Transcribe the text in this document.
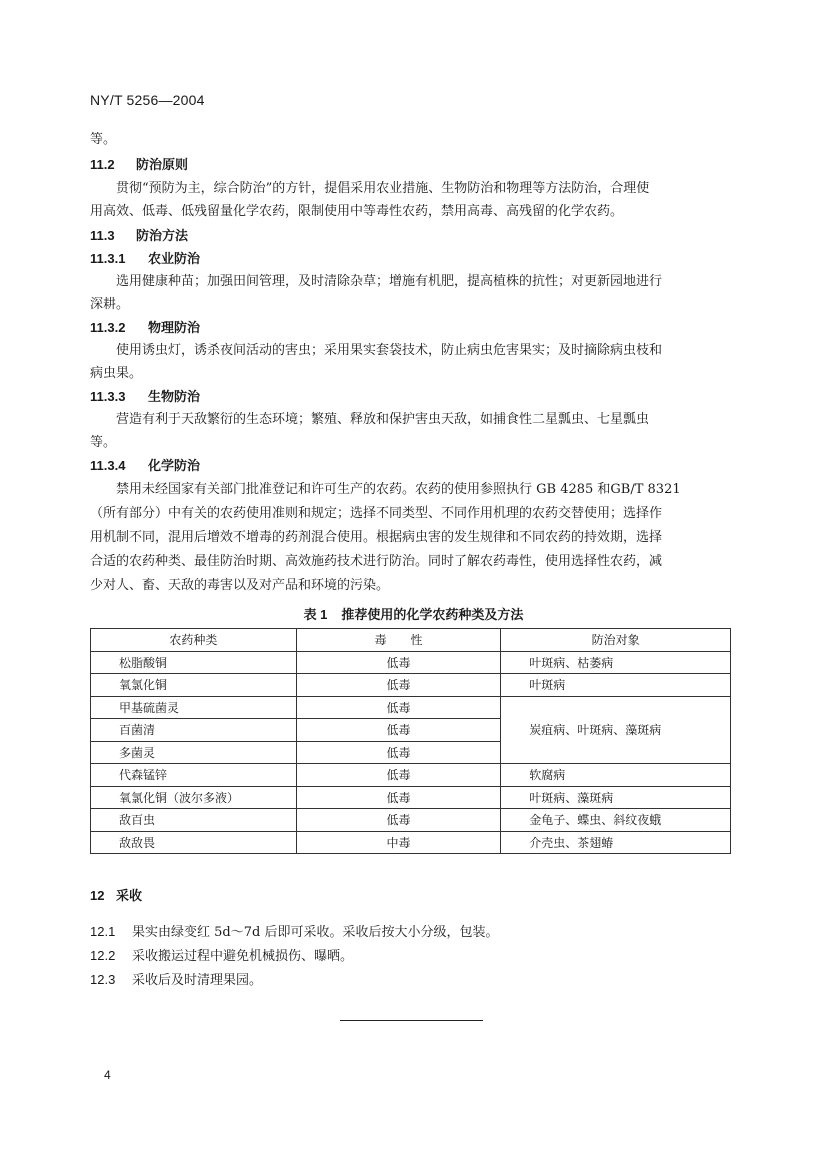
NY/T 5256—2004
等。
11.2 防治原则
贯彻“预防为主，综合防治”的方针，提倡采用农业措施、生物防治和物理等方法防治，合理使
用高效、低毒、低残留量化学农药，限制使用中等毒性农药，禁用高毒、高残留的化学农药。
11.3 防治方法
11.3.1 农业防治
选用健康种苗；加强田间管理，及时清除杂草；增施有机肥，提高植株的抗性；对更新园地进行
深耕。
11.3.2 物理防治
使用诱虫灯，诱杀夜间活动的害虫；采用果实套袋技术，防止病虫危害果实；及时摘除病虫枝和
病虫果。
11.3.3 生物防治
营造有利于天敌繁衍的生态环境；繁殖、释放和保护害虫天敌，如捕食性二星瓢虫、七星瓢虫
等。
11.3.4 化学防治
禁用未经国家有关部门批准登记和许可生产的农药。农药的使用参照执行 GB 4285 和GB/T 8321
（所有部分）中有关的农药使用准则和规定；选择不同类型、不同作用机理的农药交替使用；选择作
用机制不同，混用后增效不增毒的药剂混合使用。根据病虫害的发生规律和不同农药的持效期，选择
合适的农药种类、最佳防治时期、高效施药技术进行防治。同时了解农药毒性，使用选择性农药，减
少对人、畜、天敌的毒害以及对产品和环境的污染。
表 1 推荐使用的化学农药种类及方法
农药种类	毒　　性	防治对象
松脂酸铜	低毒	叶斑病、枯萎病
氧氯化铜	低毒	叶斑病
甲基硫菌灵	低毒	炭疽病、叶斑病、藻斑病
百菌清	低毒	
多菌灵	低毒	
代森锰锌	低毒	软腐病
氧氯化铜（波尔多液）	低毒	叶斑病、藻斑病
敌百虫	低毒	金龟子、蝶虫、斜纹夜蛾
敌敌畏	中毒	介壳虫、茶翅蝽
12 采收
12.1 果实由绿变红 5d～7d 后即可采收。采收后按大小分级，包装。
12.2 采收搬运过程中避免机械损伤、曝晒。
12.3 采收后及时清理果园。
4
